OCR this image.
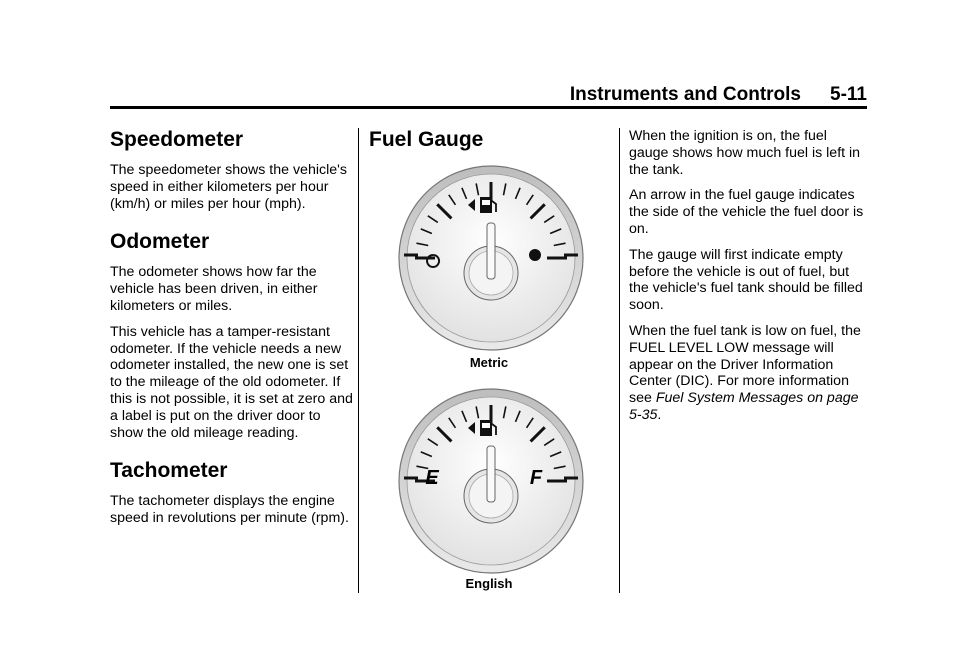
Instruments and Controls 5-11
Speedometer

The speedometer shows the vehicle's speed in either kilometers per hour (km/h) or miles per hour (mph).

Odometer

The odometer shows how far the vehicle has been driven, in either kilometers or miles.

This vehicle has a tamper-resistant odometer. If the vehicle needs a new odometer installed, the new one is set to the mileage of the old odometer. If this is not possible, it is set at zero and a label is put on the driver door to show the old mileage reading.

Tachometer

The tachometer displays the engine speed in revolutions per minute (rpm).

Fuel Gauge
Metric
E	F
English

When the ignition is on, the fuel gauge shows how much fuel is left in the tank.

An arrow in the fuel gauge indicates the side of the vehicle the fuel door is on.

The gauge will first indicate empty before the vehicle is out of fuel, but the vehicle's fuel tank should be filled soon.

When the fuel tank is low on fuel, the FUEL LEVEL LOW message will appear on the Driver Information Center (DIC). For more information see Fuel System Messages on page 5-35.
